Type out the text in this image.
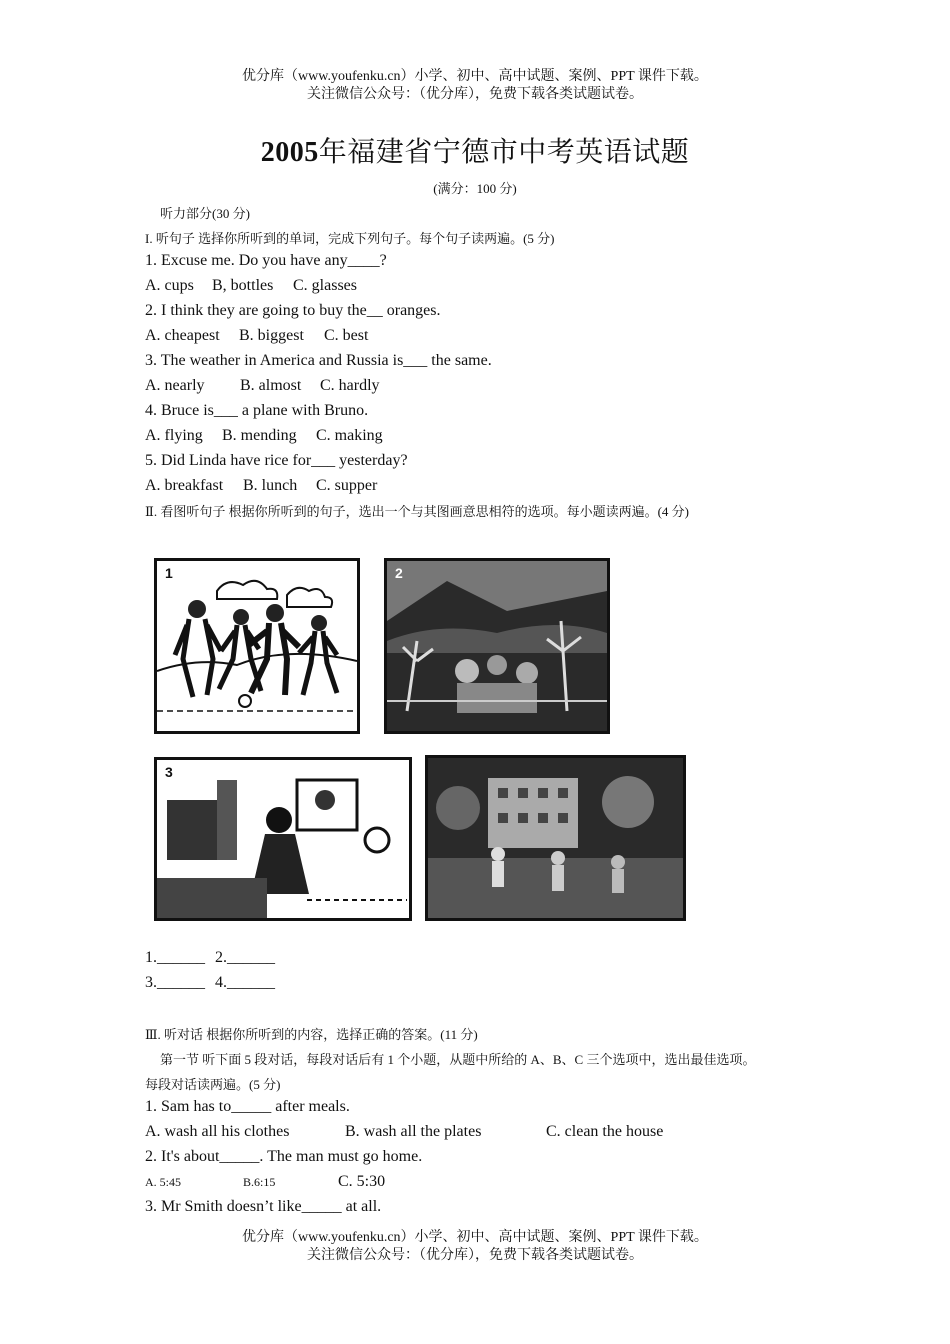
优分库（www.youfenku.cn）小学、初中、高中试题、案例、PPT 课件下载。
关注微信公众号：（优分库），免费下载各类试题试卷。
2005年福建省宁德市中考英语试题
(满分：100 分)
听力部分(30 分)
I. 听句子 选择你所听到的单词，完成下列句子。每个句子读两遍。(5 分)
1. Excuse me. Do you have any____?
A. cups B, bottles C. glasses
2. I think they are going to buy the__ oranges.
A. cheapest B. biggest C. best
3. The weather in America and Russia is___ the same.
A. nearly B. almost C. hardly
4. Bruce is___ a plane with Bruno.
A. flying B. mending C. making
5. Did Linda have rice for___ yesterday?
A. breakfast B. lunch C. supper
Ⅱ. 看图听句子 根据你所听到的句子，选出一个与其图画意思相符的选项。每小题读两遍。(4 分)
1	2
3
1.______ 2.______
3.______ 4.______
Ⅲ. 听对话 根据你所听到的内容，选择正确的答案。(11 分)
第一节 听下面 5 段对话，每段对话后有 1 个小题，从题中所给的 A、B、C 三个选项中，选出最佳选项。
每段对话读两遍。(5 分)
1. Sam has to_____ after meals.
A. wash all his clothes	B. wash all the plates	C. clean the house
2. It's about_____. The man must go home.
A. 5:45	B.6:15	C. 5:30
3. Mr Smith doesn’t like_____ at all.
优分库（www.youfenku.cn）小学、初中、高中试题、案例、PPT 课件下载。
关注微信公众号：（优分库），免费下载各类试题试卷。
